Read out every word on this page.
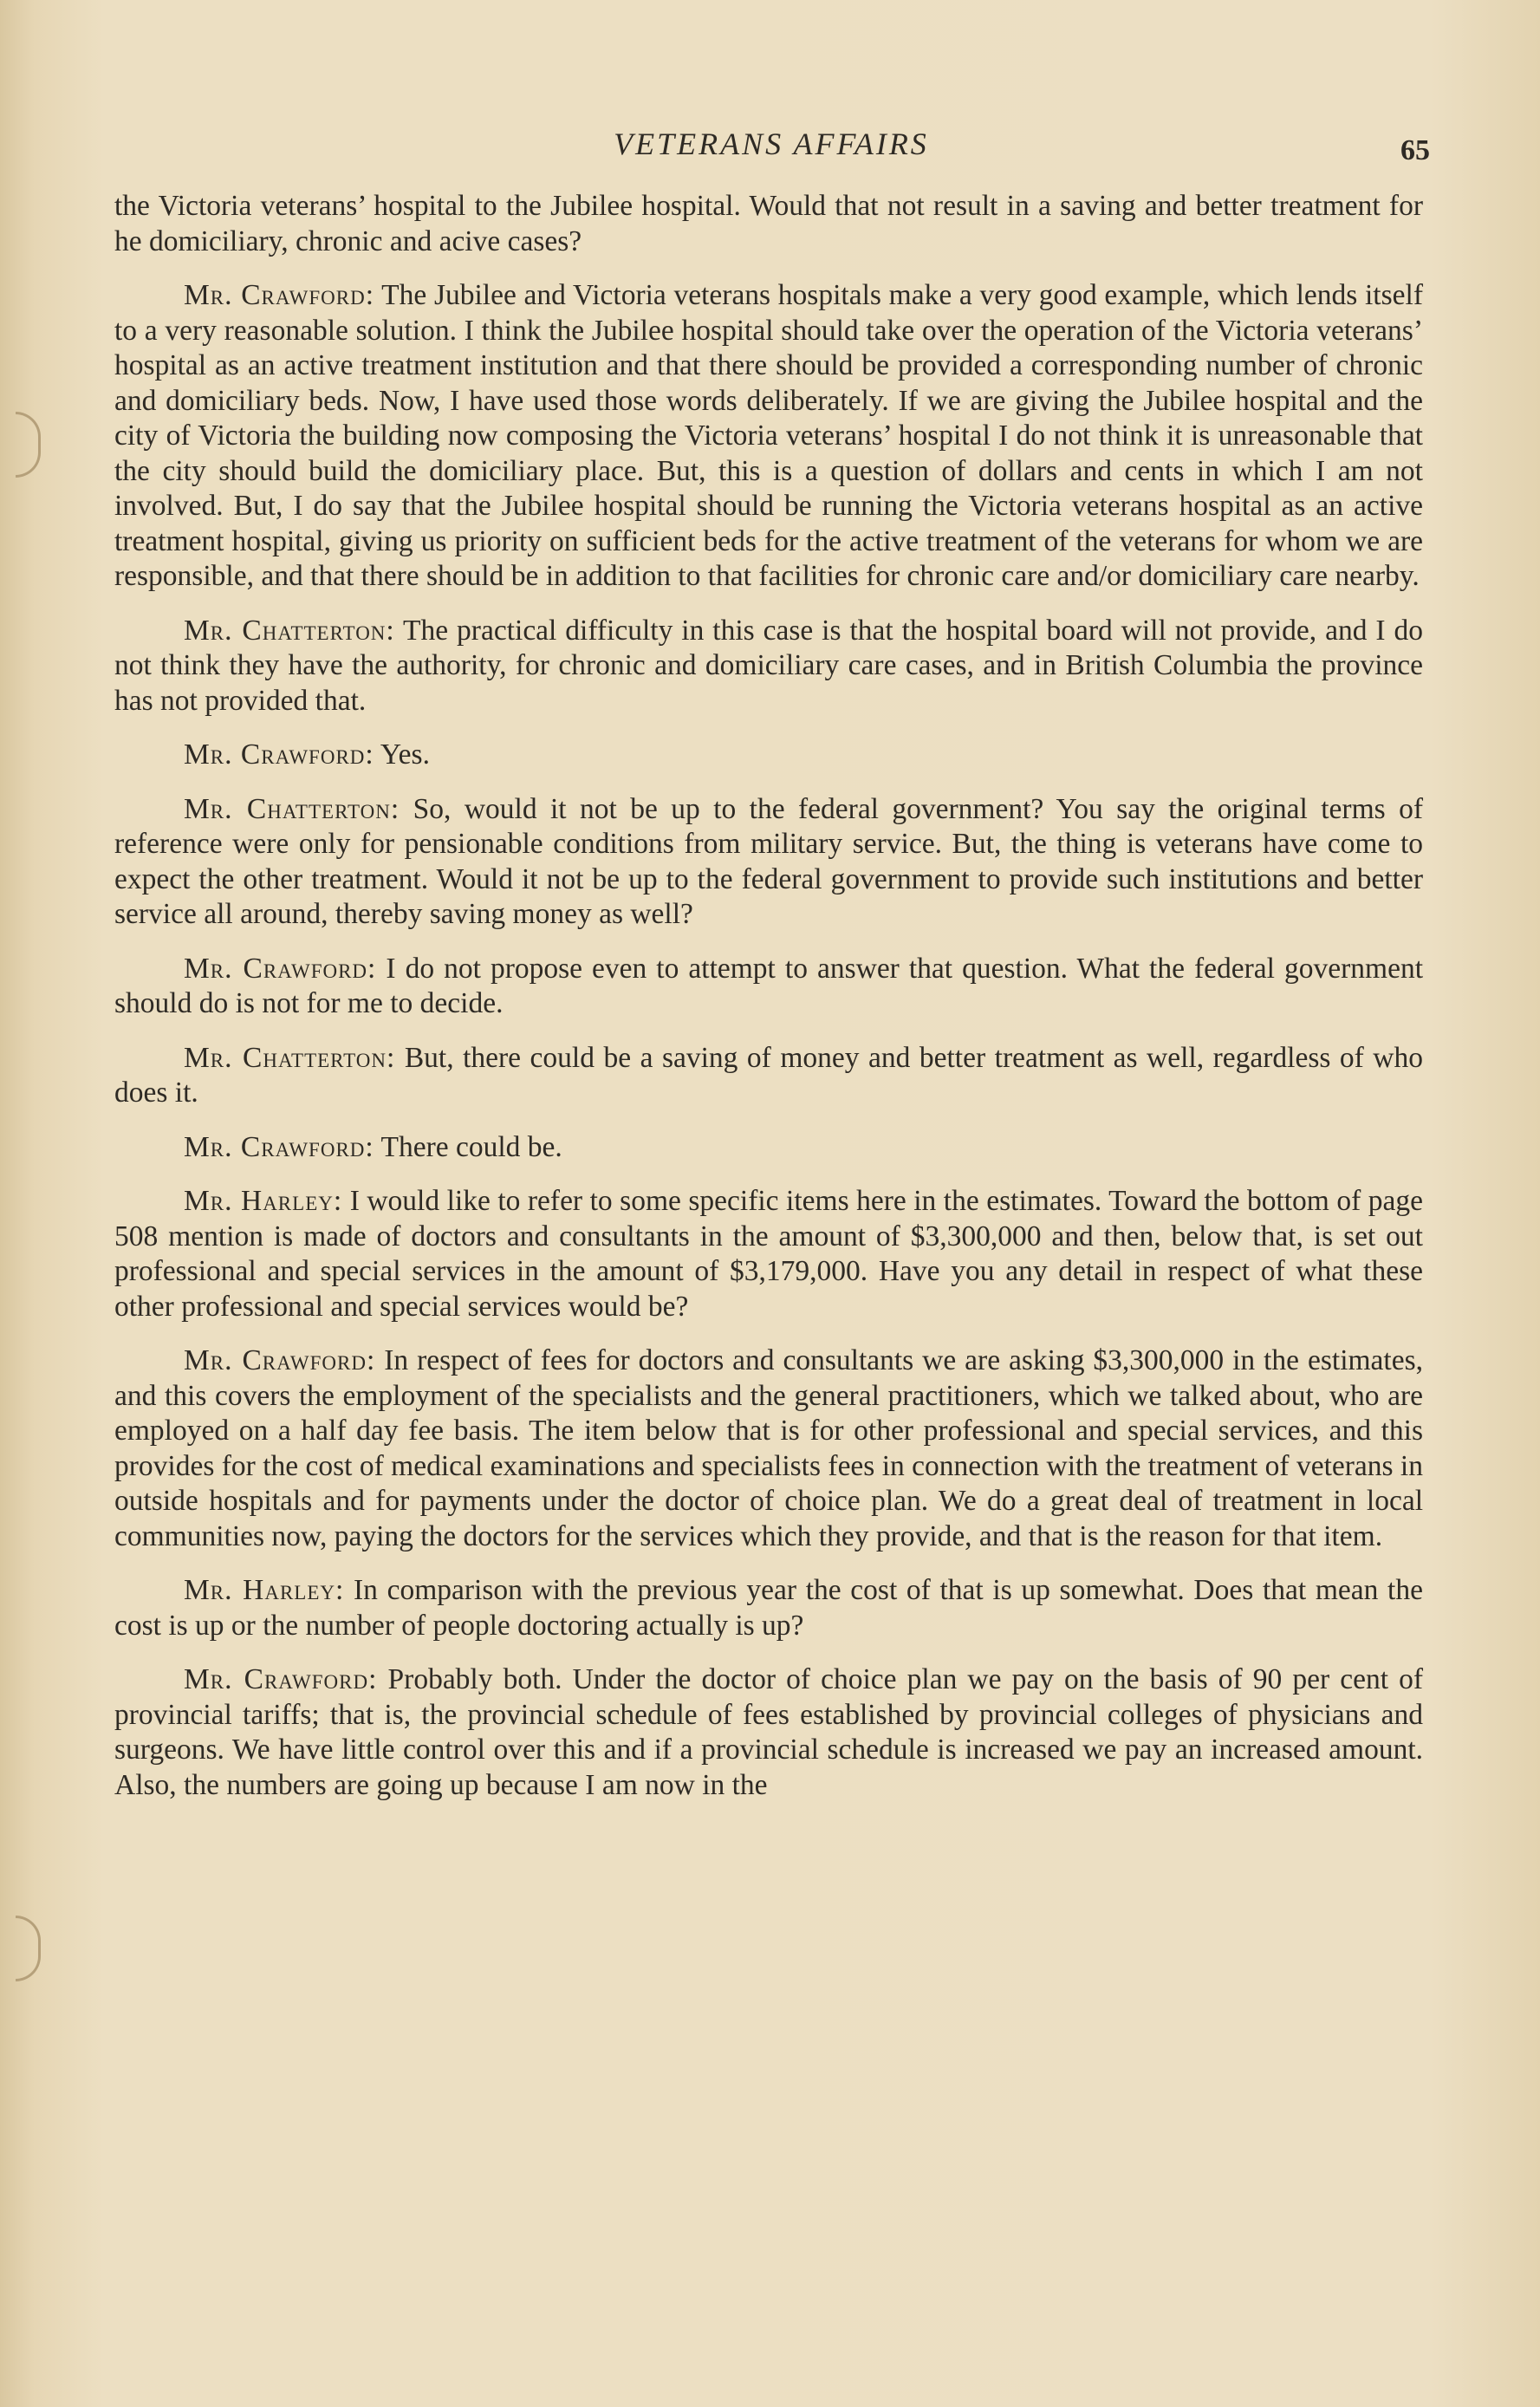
VETERANS AFFAIRS	65

the Victoria veterans’ hospital to the Jubilee hospital. Would that not result in a saving and better treatment for he domiciliary, chronic and acive cases?

Mr. Crawford: The Jubilee and Victoria veterans hospitals make a very good example, which lends itself to a very reasonable solution. I think the Jubilee hospital should take over the operation of the Victoria veterans’ hospital as an active treatment institution and that there should be provided a corresponding number of chronic and domiciliary beds. Now, I have used those words deliberately. If we are giving the Jubilee hospital and the city of Victoria the building now composing the Victoria veterans’ hospital I do not think it is unreasonable that the city should build the domiciliary place. But, this is a question of dollars and cents in which I am not involved. But, I do say that the Jubilee hospital should be running the Victoria veterans hospital as an active treatment hospital, giving us priority on sufficient beds for the active treatment of the veterans for whom we are responsible, and that there should be in addition to that facilities for chronic care and/or domiciliary care nearby.

Mr. Chatterton: The practical difficulty in this case is that the hospital board will not provide, and I do not think they have the authority, for chronic and domiciliary care cases, and in British Columbia the province has not provided that.

Mr. Crawford: Yes.

Mr. Chatterton: So, would it not be up to the federal government? You say the original terms of reference were only for pensionable conditions from military service. But, the thing is veterans have come to expect the other treatment. Would it not be up to the federal government to provide such institutions and better service all around, thereby saving money as well?

Mr. Crawford: I do not propose even to attempt to answer that question. What the federal government should do is not for me to decide.

Mr. Chatterton: But, there could be a saving of money and better treatment as well, regardless of who does it.

Mr. Crawford: There could be.

Mr. Harley: I would like to refer to some specific items here in the estimates. Toward the bottom of page 508 mention is made of doctors and consultants in the amount of $3,300,000 and then, below that, is set out professional and special services in the amount of $3,179,000. Have you any detail in respect of what these other professional and special services would be?

Mr. Crawford: In respect of fees for doctors and consultants we are asking $3,300,000 in the estimates, and this covers the employment of the specialists and the general practitioners, which we talked about, who are employed on a half day fee basis. The item below that is for other professional and special services, and this provides for the cost of medical examinations and specialists fees in connection with the treatment of veterans in outside hospitals and for payments under the doctor of choice plan. We do a great deal of treatment in local communities now, paying the doctors for the services which they provide, and that is the reason for that item.

Mr. Harley: In comparison with the previous year the cost of that is up somewhat. Does that mean the cost is up or the number of people doctoring actually is up?

Mr. Crawford: Probably both. Under the doctor of choice plan we pay on the basis of 90 per cent of provincial tariffs; that is, the provincial schedule of fees established by provincial colleges of physicians and surgeons. We have little control over this and if a provincial schedule is increased we pay an increased amount. Also, the numbers are going up because I am now in the
